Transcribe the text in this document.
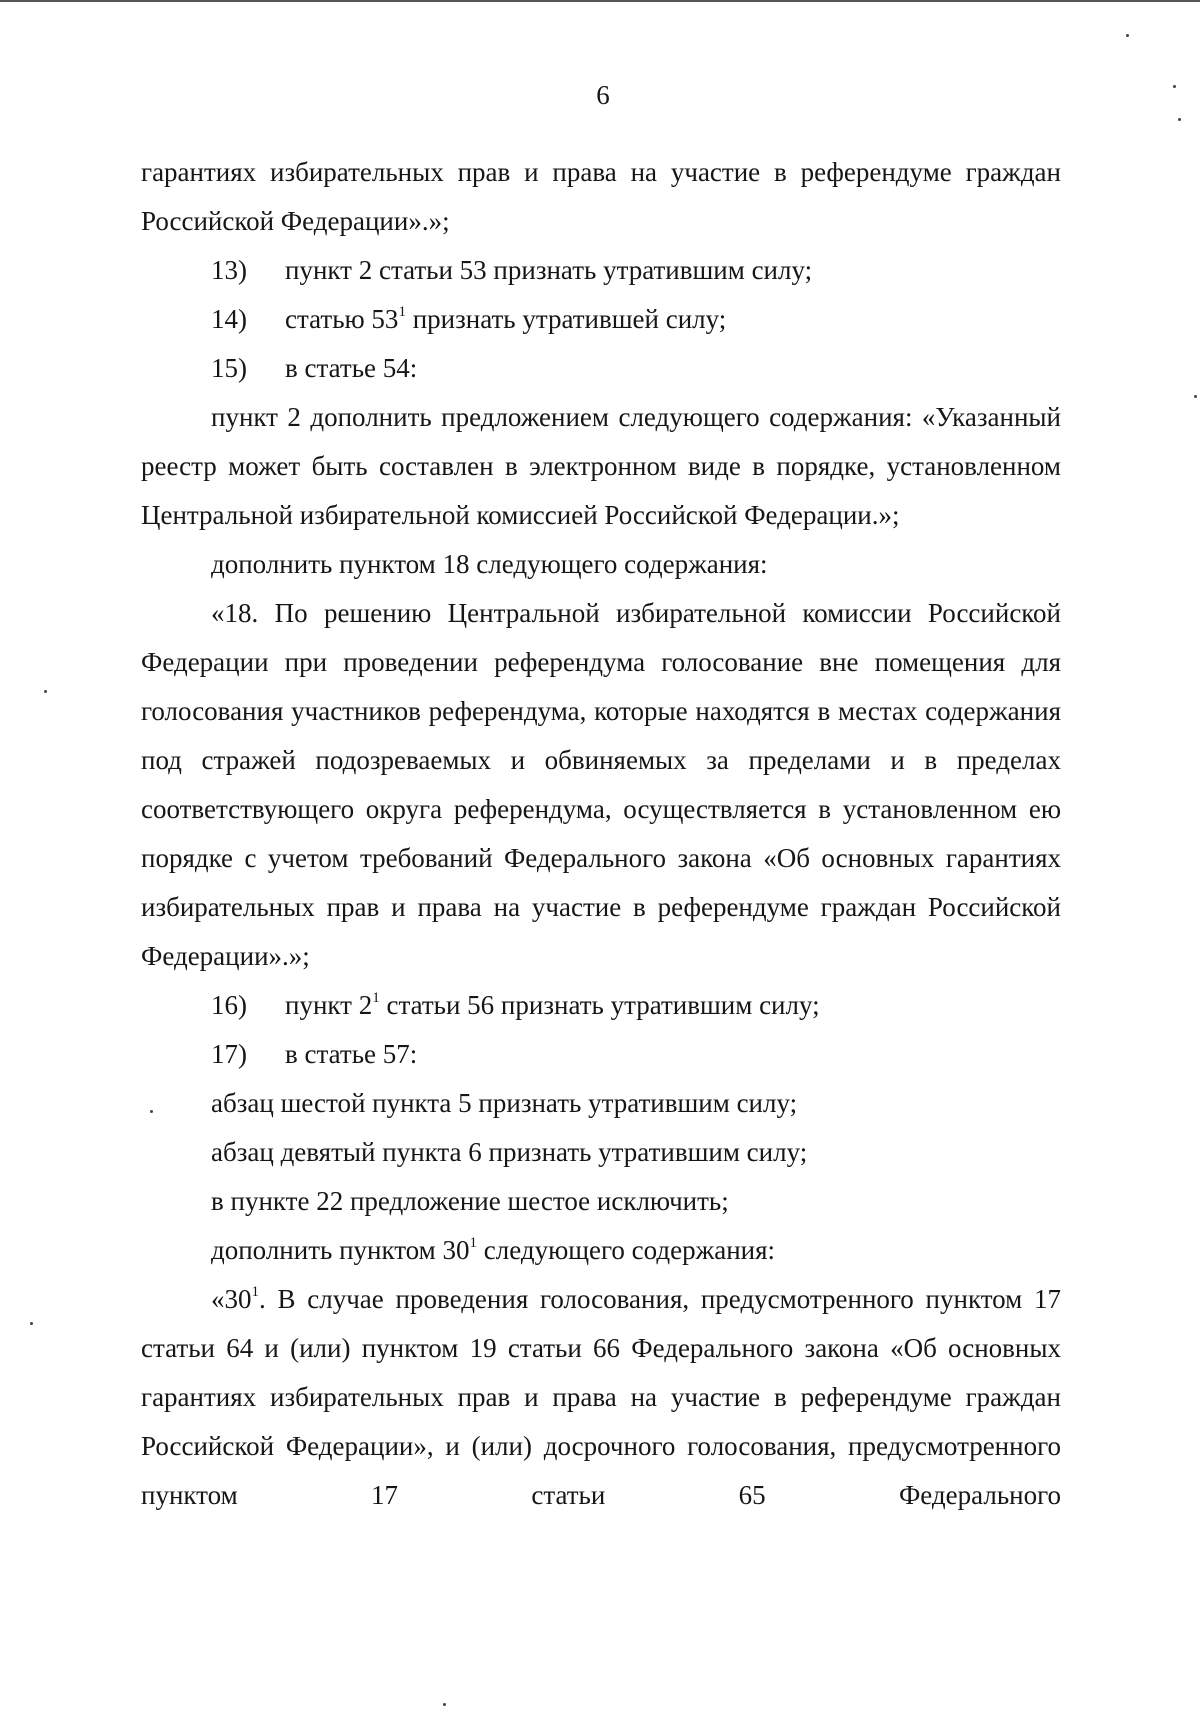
6

гарантиях избирательных прав и права на участие в референдуме граждан Российской Федерации».»;

13) пункт 2 статьи 53 признать утратившим силу;

14) статью $53^1$ признать утратившей силу;

15) в статье 54:

пункт 2 дополнить предложением следующего содержания: «Указанный реестр может быть составлен в электронном виде в порядке, установленном Центральной избирательной комиссией Российской Федерации.»;

дополнить пунктом 18 следующего содержания:

«18. По решению Центральной избирательной комиссии Российской Федерации при проведении референдума голосование вне помещения для голосования участников референдума, которые находятся в местах содержания под стражей подозреваемых и обвиняемых за пределами и в пределах соответствующего округа референдума, осуществляется в установленном ею порядке с учетом требований Федерального закона «Об основных гарантиях избирательных прав и права на участие в референдуме граждан Российской Федерации».»;

16) пункт $2^1$ статьи 56 признать утратившим силу;

17) в статье 57:

абзац шестой пункта 5 признать утратившим силу;

абзац девятый пункта 6 признать утратившим силу;

в пункте 22 предложение шестое исключить;

дополнить пунктом $30^1$ следующего содержания:

«$30^1$. В случае проведения голосования, предусмотренного пунктом 17 статьи 64 и (или) пунктом 19 статьи 66 Федерального закона «Об основных гарантиях избирательных прав и права на участие в референдуме граждан Российской Федерации», и (или) досрочного голосования, предусмотренного пунктом 17 статьи 65 Федерального
